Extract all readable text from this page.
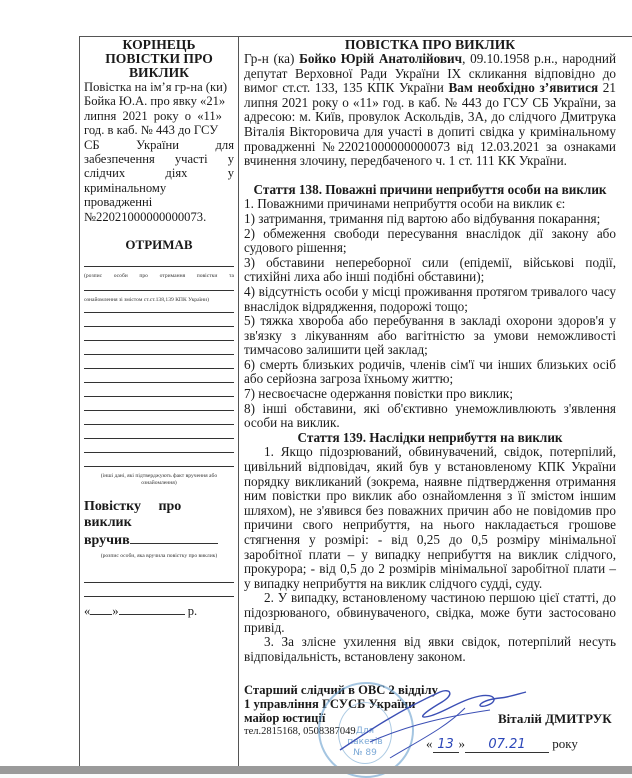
КОРІНЕЦЬ ПОВІСТКИ ПРО ВИКЛИК
Повістка на ім’я гр-на (ки)
Бойка Ю.А. про явку «21»
липня 2021 року о «11»
год. в каб. № 443 до ГСУ
СБ	України	для
забезпечення участі у
слідчих	діях	у
кримінальному
провадженні
№22021000000000073.
ОТРИМАВ
(розпис особи про отримання повістки та
ознайомлення зі змістом ст.ст.138,139 КПК України)
(інші дані, які підтверджують факт вручення або ознайомлення)
Повістку про виклик
вручив
(розпис особи, яка вручила повістку про виклик)
« »	р.
ПОВІСТКА ПРО ВИКЛИК

Гр-н (ка) Бойко Юрій Анатолійович, 09.10.1958 р.н., народний депутат Верховної Ради України ІХ скликання відповідно до вимог ст.ст. 133, 135 КПК України Вам необхідно з’явитися 21 липня 2021 року о «11» год. в каб. № 443 до ГСУ СБ України, за адресою: м. Київ, провулок Аскольдів, 3А, до слідчого Дмитрука Віталія Вікторовича для участі в допиті свідка у кримінальному провадженні №22021000000000073 від 12.03.2021 за ознаками вчинення злочину, передбаченого ч. 1 ст. 111 КК України.

Стаття 138. Поважні причини неприбуття особи на виклик

1. Поважними причинами неприбуття особи на виклик є:

1) затримання, тримання під вартою або відбування покарання;

2) обмеження свободи пересування внаслідок дії закону або судового рішення;

3) обставини непереборної сили (епідемії, військові події, стихійні лиха або інші подібні обставини);

4) відсутність особи у місці проживання протягом тривалого часу внаслідок відрядження, подорожі тощо;

5) тяжка хвороба або перебування в закладі охорони здоров'я у зв'язку з лікуванням або вагітністю за умови неможливості тимчасово залишити цей заклад;

6) смерть близьких родичів, членів сім'ї чи інших близьких осіб або серйозна загроза їхньому життю;

7) несвоєчасне одержання повістки про виклик;

8) інші обставини, які об'єктивно унеможливлюють з'явлення особи на виклик.

Стаття 139. Наслідки неприбуття на виклик

1. Якщо підозрюваний, обвинувачений, свідок, потерпілий, цивільний відповідач, який був у встановленому КПК України порядку викликаний (зокрема, наявне підтвердження отримання ним повістки про виклик або ознайомлення з її змістом іншим шляхом), не з'явився без поважних причин або не повідомив про причини свого неприбуття, на нього накладається грошове стягнення у розмірі: - від 0,25 до 0,5 розміру мінімальної заробітної плати – у випадку неприбуття на виклик слідчого, прокурора; - від 0,5 до 2 розмірів мінімальної заробітної плати – у випадку неприбуття на виклик слідчого судді, суду.

2. У випадку, встановленому частиною першою цієї статті, до підозрюваного, обвинуваченого, свідка, може бути застосовано привід.

3. За злісне ухилення від явки свідок, потерпілий несуть відповідальність, встановлену законом.

Старший слідчий в ОВС 2 відділу
1 управління ГСУСБ України
майор юстиції
тел.2815168, 0508387049
Віталій ДМИТРУК
« 13 » 07.21 року
Для
пакетів
№ 89
